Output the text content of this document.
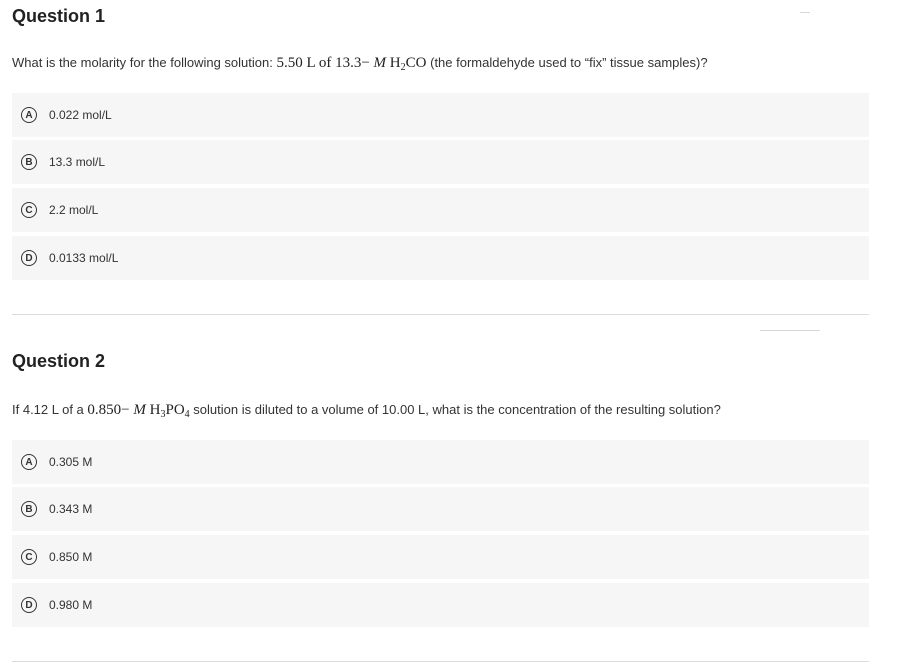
Question 1
What is the molarity for the following solution: 5.50 L of 13.3− M $H_2CO$ (the formaldehyde used to “fix” tissue samples)?
A	0.022 mol/L
B	13.3 mol/L
C	2.2 mol/L
D	0.0133 mol/L
Question 2
If 4.12 L of a 0.850− M $H_3PO_4$ solution is diluted to a volume of 10.00 L, what is the concentration of the resulting solution?
A	0.305 M
B	0.343 M
C	0.850 M
D	0.980 M
